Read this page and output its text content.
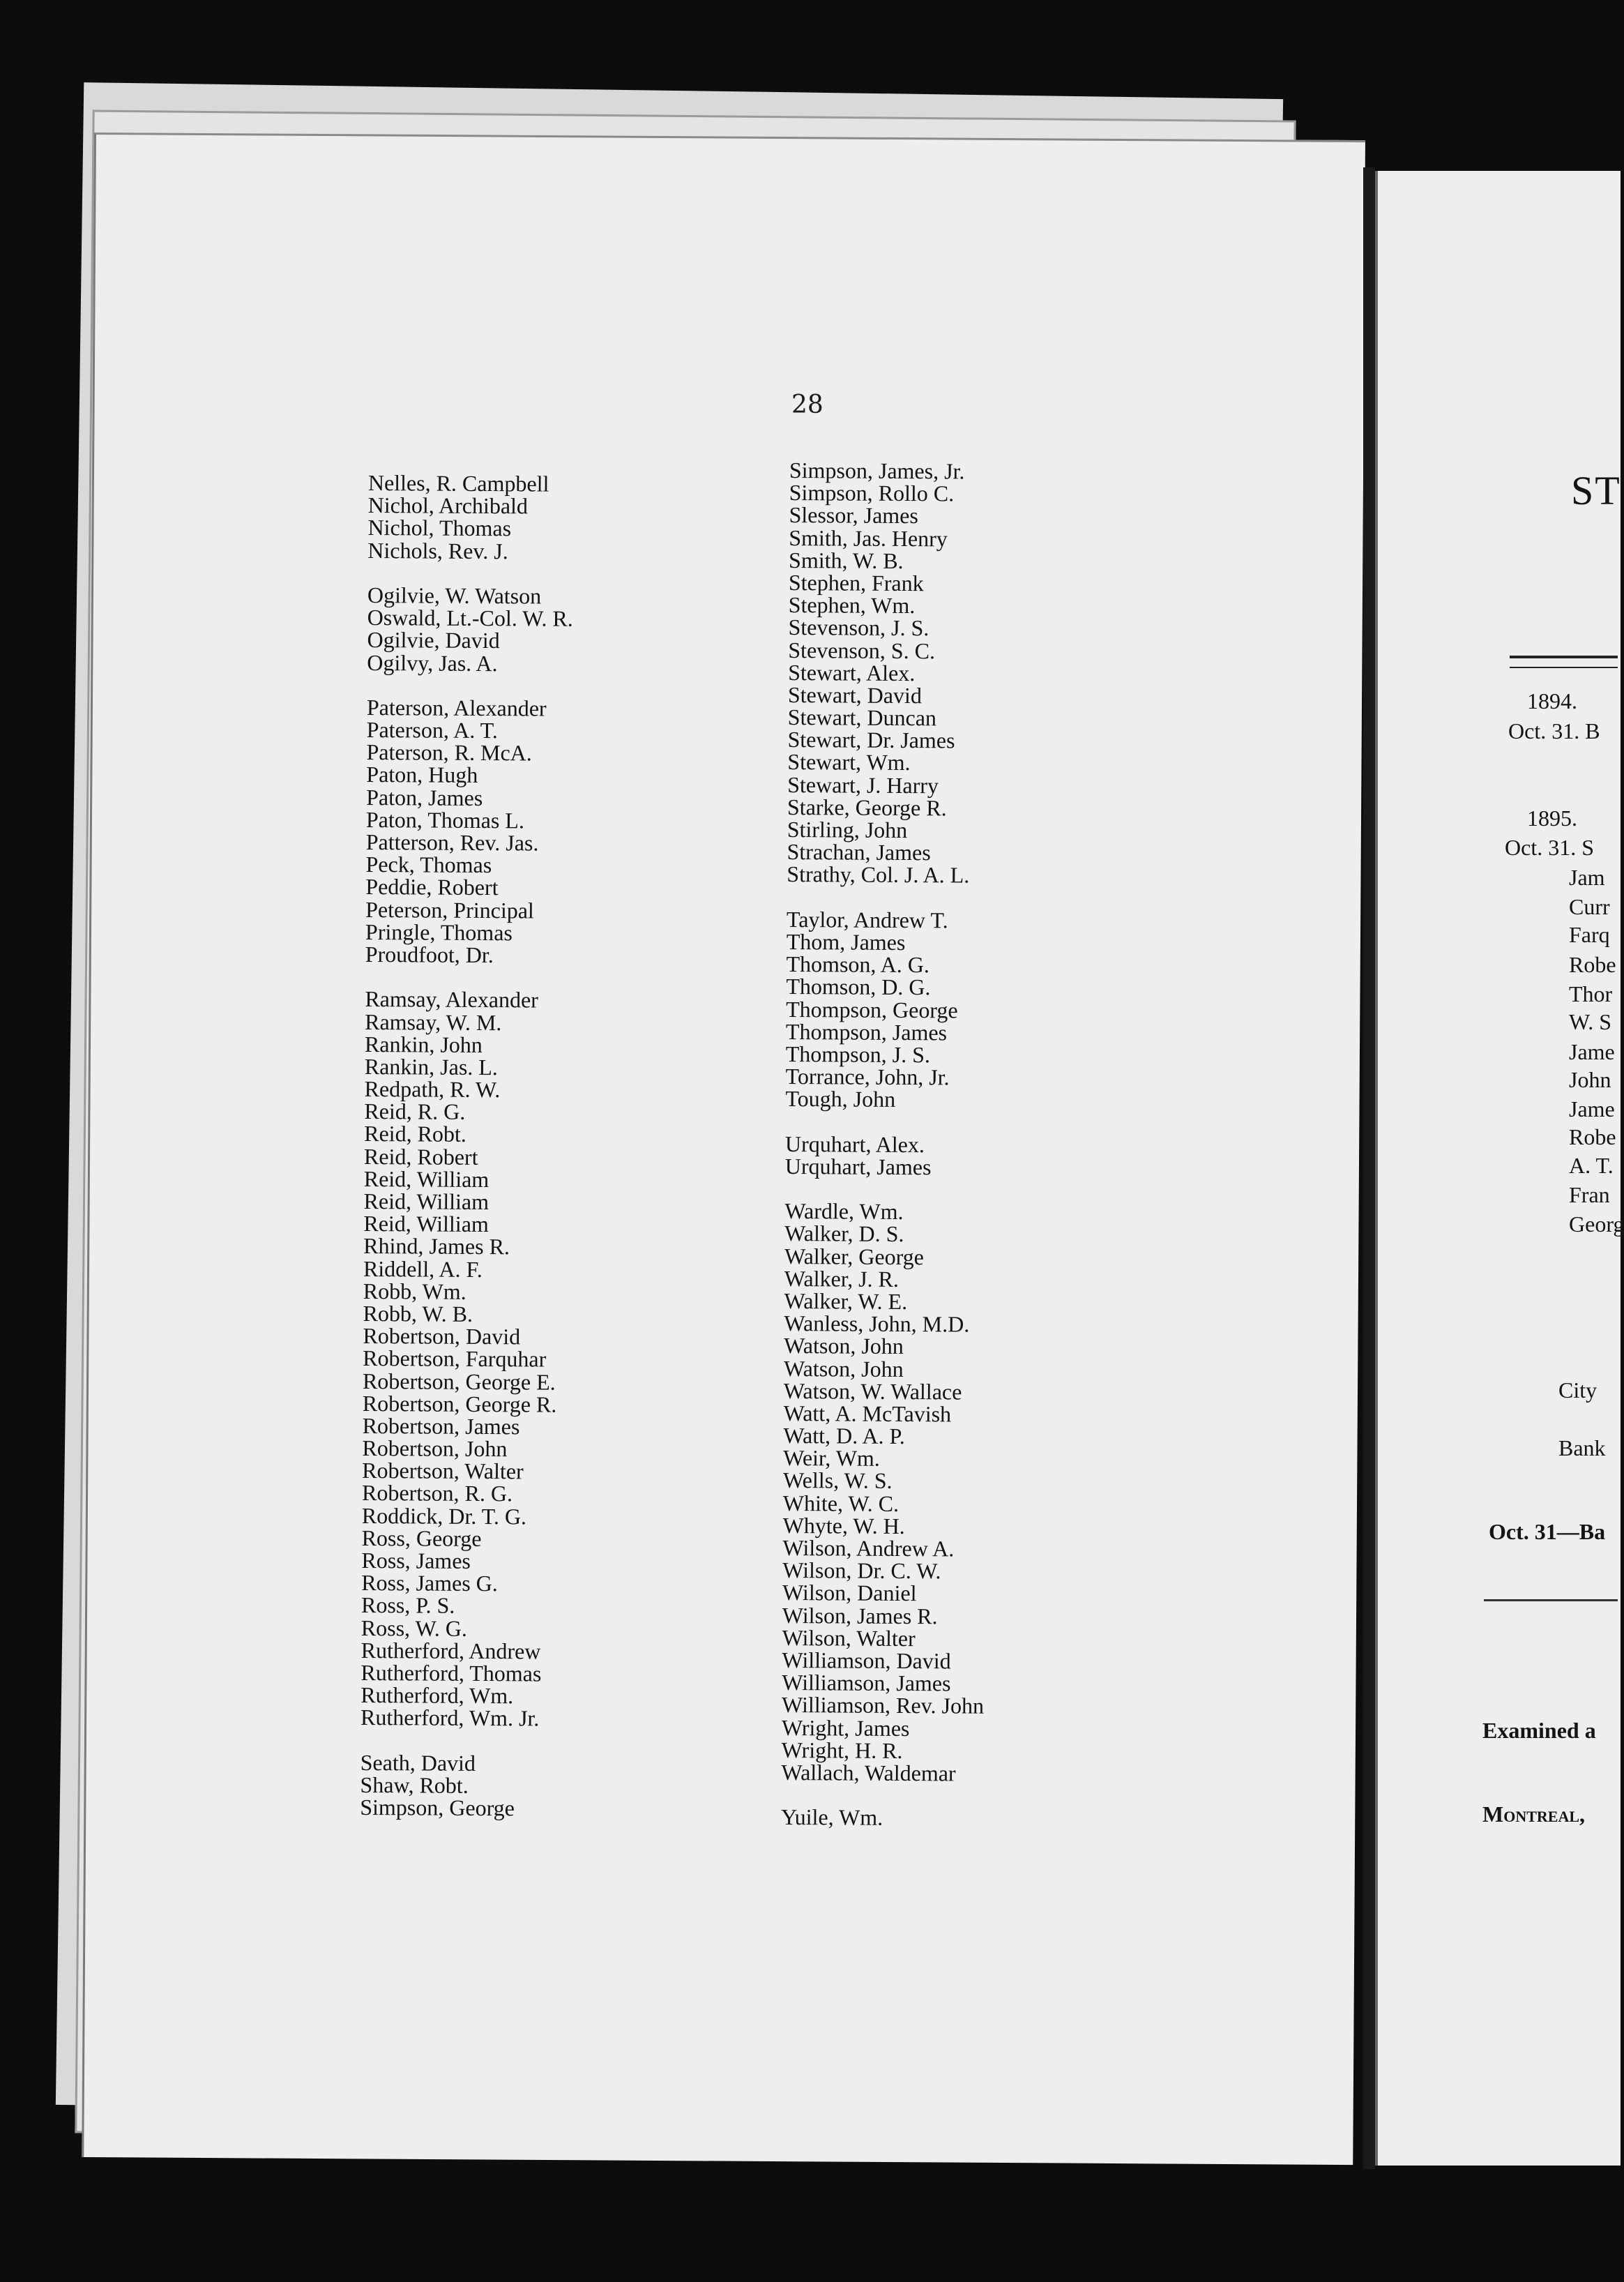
28
Nelles, R. Campbell
Nichol, Archibald
Nichol, Thomas
Nichols, Rev. J.
Ogilvie, W. Watson
Oswald, Lt.-Col. W. R.
Ogilvie, David
Ogilvy, Jas. A.
Paterson, Alexander
Paterson, A. T.
Paterson, R. McA.
Paton, Hugh
Paton, James
Paton, Thomas L.
Patterson, Rev. Jas.
Peck, Thomas
Peddie, Robert
Peterson, Principal
Pringle, Thomas
Proudfoot, Dr.
Ramsay, Alexander
Ramsay, W. M.
Rankin, John
Rankin, Jas. L.
Redpath, R. W.
Reid, R. G.
Reid, Robt.
Reid, Robert
Reid, William
Reid, William
Reid, William
Rhind, James R.
Riddell, A. F.
Robb, Wm.
Robb, W. B.
Robertson, David
Robertson, Farquhar
Robertson, George E.
Robertson, George R.
Robertson, James
Robertson, John
Robertson, Walter
Robertson, R. G.
Roddick, Dr. T. G.
Ross, George
Ross, James
Ross, James G.
Ross, P. S.
Ross, W. G.
Rutherford, Andrew
Rutherford, Thomas
Rutherford, Wm.
Rutherford, Wm. Jr.
Seath, David
Shaw, Robt.
Simpson, George
Simpson, James, Jr.
Simpson, Rollo C.
Slessor, James
Smith, Jas. Henry
Smith, W. B.
Stephen, Frank
Stephen, Wm.
Stevenson, J. S.
Stevenson, S. C.
Stewart, Alex.
Stewart, David
Stewart, Duncan
Stewart, Dr. James
Stewart, Wm.
Stewart, J. Harry
Starke, George R.
Stirling, John
Strachan, James
Strathy, Col. J. A. L.
Taylor, Andrew T.
Thom, James
Thomson, A. G.
Thomson, D. G.
Thompson, George
Thompson, James
Thompson, J. S.
Torrance, John, Jr.
Tough, John
Urquhart, Alex.
Urquhart, James
Wardle, Wm.
Walker, D. S.
Walker, George
Walker, J. R.
Walker, W. E.
Wanless, John, M.D.
Watson, John
Watson, John
Watson, W. Wallace
Watt, A. McTavish
Watt, D. A. P.
Weir, Wm.
Wells, W. S.
White, W. C.
Whyte, W. H.
Wilson, Andrew A.
Wilson, Dr. C. W.
Wilson, Daniel
Wilson, James R.
Wilson, Walter
Williamson, David
Williamson, James
Williamson, Rev. John
Wright, James
Wright, H. R.
Wallach, Waldemar
Yuile, Wm.
ST
1894.
Oct. 31. B
1895.
Oct. 31. S
Jam
Curr
Farq
Robe
Thor
W. S
Jame
John
Jame
Robe
A. T.
Fran
Georg
City
Bank
Oct. 31—Ba
Examined a
Montreal,
